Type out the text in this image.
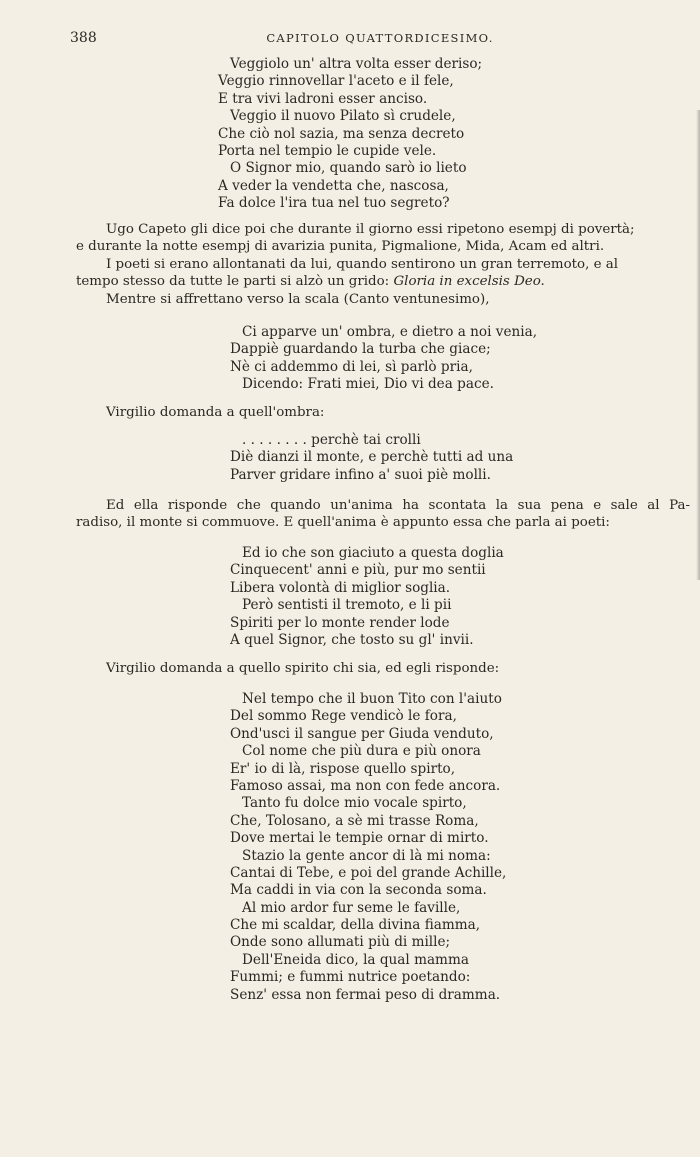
388	CAPITOLO QUATTORDICESIMO.
Veggiolo un' altra volta esser deriso;
Veggio rinnovellar l'aceto e il fele,
E tra vivi ladroni esser anciso.
Veggio il nuovo Pilato sì crudele,
Che ciò nol sazia, ma senza decreto
Porta nel tempio le cupide vele.
O Signor mio, quando sarò io lieto
A veder la vendetta che, nascosa,
Fa dolce l'ira tua nel tuo segreto?

Ugo Capeto gli dice poi che durante il giorno essi ripetono esempj di povertà;
e durante la notte esempj di avarizia punita, Pigmalione, Mida, Acam ed altri.
I poeti si erano allontanati da lui, quando sentirono un gran terremoto, e al
tempo stesso da tutte le parti si alzò un grido: Gloria in excelsis Deo.
Mentre si affrettano verso la scala (Canto ventunesimo),

Ci apparve un' ombra, e dietro a noi venia,
Dappiè guardando la turba che giace;
Nè ci addemmo di lei, sì parlò pria,
Dicendo: Frati miei, Dio vi dea pace.

Virgilio domanda a quell'ombra:

. . . . . . . . perchè tai crolli
Diè dianzi il monte, e perchè tutti ad una
Parver gridare infino a' suoi piè molli.

Ed ella risponde che quando un'anima ha scontata la sua pena e sale al Pa-
radiso, il monte si commuove. E quell'anima è appunto essa che parla ai poeti:

Ed io che son giaciuto a questa doglia
Cinquecent' anni e più, pur mo sentii
Libera volontà di miglior soglia.
Però sentisti il tremoto, e li pii
Spiriti per lo monte render lode
A quel Signor, che tosto su gl' invii.

Virgilio domanda a quello spirito chi sia, ed egli risponde:

Nel tempo che il buon Tito con l'aiuto
Del sommo Rege vendicò le fora,
Ond'usci il sangue per Giuda venduto,
Col nome che più dura e più onora
Er' io di là, rispose quello spirto,
Famoso assai, ma non con fede ancora.
Tanto fu dolce mio vocale spirto,
Che, Tolosano, a sè mi trasse Roma,
Dove mertai le tempie ornar di mirto.
Stazio la gente ancor di là mi noma:
Cantai di Tebe, e poi del grande Achille,
Ma caddi in via con la seconda soma.
Al mio ardor fur seme le faville,
Che mi scaldar, della divina fiamma,
Onde sono allumati più di mille;
Dell'Eneida dico, la qual mamma
Fummi; e fummi nutrice poetando:
Senz' essa non fermai peso di dramma.
